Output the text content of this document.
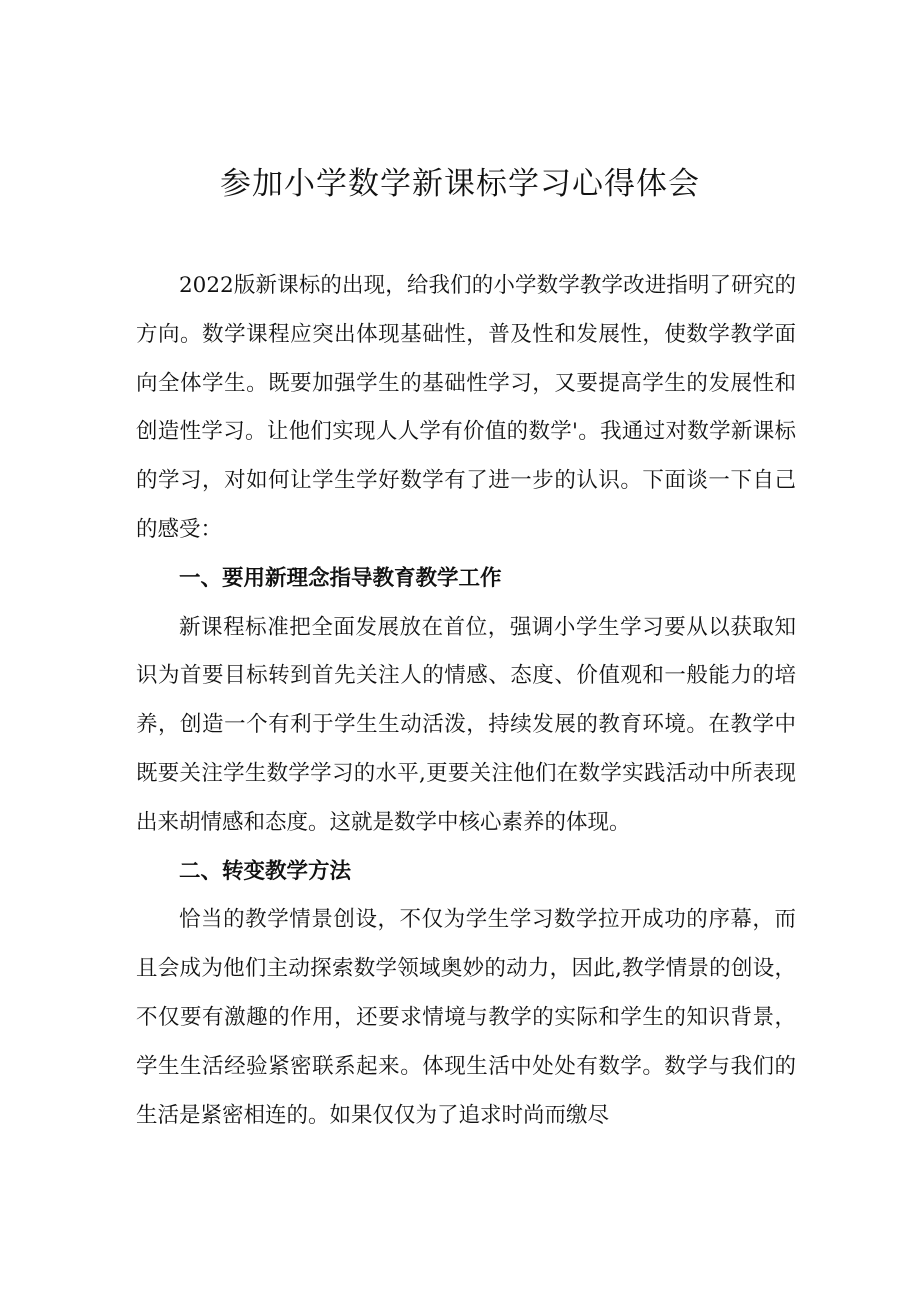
参加小学数学新课标学习心得体会

2022版新课标的出现，给我们的小学数学教学改进指明了研究的方向。数学课程应突出体现基础性，普及性和发展性，使数学教学面向全体学生。既要加强学生的基础性学习，又要提高学生的发展性和创造性学习。让他们实现人人学有价值的数学'。我通过对数学新课标的学习，对如何让学生学好数学有了进一步的认识。下面谈一下自己的感受：

一、要用新理念指导教育教学工作

新课程标准把全面发展放在首位，强调小学生学习要从以获取知识为首要目标转到首先关注人的情感、态度、价值观和一般能力的培养，创造一个有利于学生生动活泼，持续发展的教育环境。在教学中既要关注学生数学学习的水平,更要关注他们在数学实践活动中所表现出来胡情感和态度。这就是数学中核心素养的体现。

二、转变教学方法

恰当的教学情景创设，不仅为学生学习数学拉开成功的序幕，而且会成为他们主动探索数学领域奥妙的动力，因此,教学情景的创设，不仅要有激趣的作用，还要求情境与教学的实际和学生的知识背景，学生生活经验紧密联系起来。体现生活中处处有数学。数学与我们的生活是紧密相连的。如果仅仅为了追求时尚而缴尽
